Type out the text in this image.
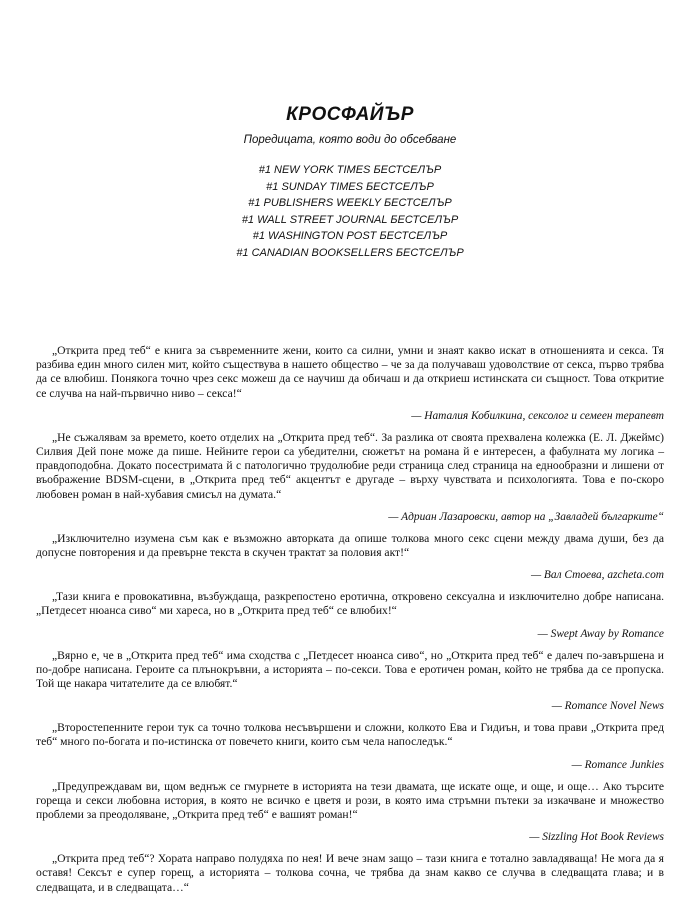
КРОСФАЙЪР

Поредицата, която води до обсебване

#1 NEW YORK TIMES БЕСТСЕЛЪР
#1 SUNDAY TIMES БЕСТСЕЛЪР
#1 PUBLISHERS WEEKLY БЕСТСЕЛЪР
#1 WALL STREET JOURNAL БЕСТСЕЛЪР
#1 WASHINGTON POST БЕСТСЕЛЪР
#1 CANADIAN BOOKSELLERS БЕСТСЕЛЪР

„Открита пред теб“ е книга за съвременните жени, които са силни, умни и знаят какво искат в отношенията и секса. Тя разбива един много силен мит, който съществува в нашето общество – че за да получаваш удоволствие от секса, първо трябва да се влюбиш. Понякога точно чрез секс можеш да се научиш да обичаш и да откриеш истинската си същност. Това откритие се случва на най-първично ниво – секса!“

— Наталия Кобилкина, сексолог и семеен терапевт

„Не съжалявам за времето, което отделих на „Открита пред теб“. За разлика от своята прехвалена колежка (Е. Л. Джеймс) Силвия Дей поне може да пише. Нейните герои са убедителни, сюжетът на романа й е интересен, а фабулната му логика – правдоподобна. Докато посестримата й с патологично трудолюбие реди страница след страница на еднообразни и лишени от въображение BDSM-сцени, в „Открита пред теб“ акцентът е другаде – върху чувствата и психологията. Това е по-скоро любовен роман в най-хубавия смисъл на думата.“

— Адриан Лазаровски, автор на „Завладей българките“

„Изключително изумена съм как е възможно авторката да опише толкова много секс сцени между двама души, без да допусне повторения и да превърне текста в скучен трактат за половия акт!“

— Вал Стоева, azcheta.com

„Тази книга е провокативна, възбуждаща, разкрепостено еротична, откровено сексуална и изключително добре написана. „Петдесет нюанса сиво“ ми хареса, но в „Открита пред теб“ се влюбих!“

— Swept Away by Romance

„Вярно е, че в „Открита пред теб“ има сходства с „Петдесет нюанса сиво“, но „Открита пред теб“ е далеч по-завършена и по-добре написана. Героите са плънокръвни, а историята – по-секси. Това е еротичен роман, който не трябва да се пропуска. Той ще накара читателите да се влюбят.“

— Romance Novel News

„Второстепенните герои тук са точно толкова несъвършени и сложни, колкото Ева и Гидиън, и това прави „Открита пред теб“ много по-богата и по-истинска от повечето книги, които съм чела напоследък.“

— Romance Junkies

„Предупреждавам ви, щом веднъж се гмурнете в историята на тези двамата, ще искате още, и още, и още… Ако търсите гореща и секси любовна история, в която не всичко е цветя и рози, в която има стръмни пътеки за изкачване и множество проблеми за преодоляване, „Открита пред теб“ е вашият роман!“

— Sizzling Hot Book Reviews

„Открита пред теб“? Хората направо полудяха по нея! И вече знам защо – тази книга е тотално завладяваща! Не мога да я оставя! Сексът е супер горещ, а историята – толкова сочна, че трябва да знам какво се случва в следващата глава; и в следващата, и в следващата…“
